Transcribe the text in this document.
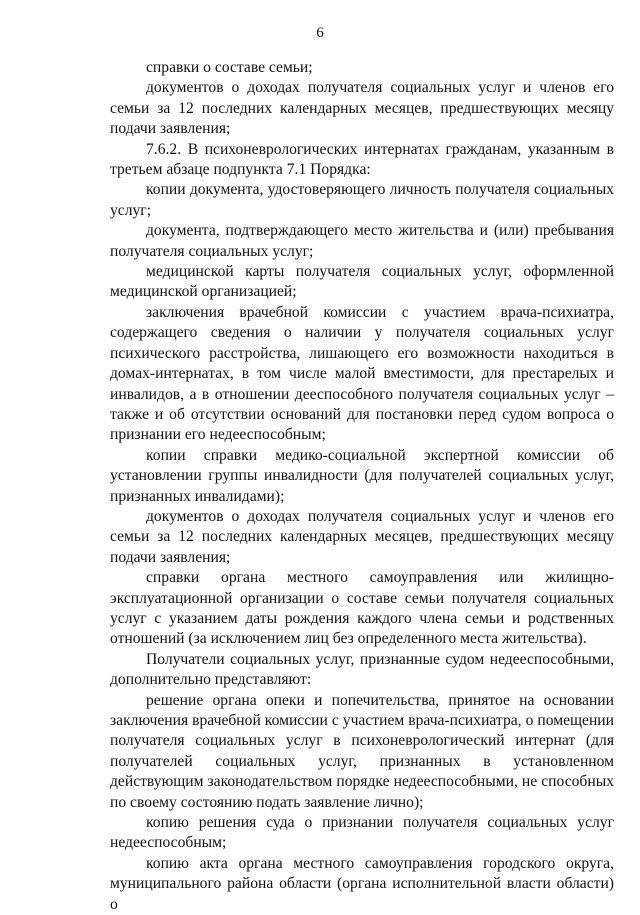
6

справки о составе семьи;

документов о доходах получателя социальных услуг и членов его семьи за 12 последних календарных месяцев, предшествующих месяцу подачи заявления;

7.6.2. В психоневрологических интернатах гражданам, указанным в третьем абзаце подпункта 7.1 Порядка:

копии документа, удостоверяющего личность получателя социальных услуг;

документа, подтверждающего место жительства и (или) пребывания получателя социальных услуг;

медицинской карты получателя социальных услуг, оформленной медицинской организацией;

заключения врачебной комиссии с участием врача-психиатра, содержащего сведения о наличии у получателя социальных услуг психического расстройства, лишающего его возможности находиться в домах-интернатах, в том числе малой вместимости, для престарелых и инвалидов, а в отношении дееспособного получателя социальных услуг – также и об отсутствии оснований для постановки перед судом вопроса о признании его недееспособным;

копии справки медико-социальной экспертной комиссии об установлении группы инвалидности (для получателей социальных услуг, признанных инвалидами);

документов о доходах получателя социальных услуг и членов его семьи за 12 последних календарных месяцев, предшествующих месяцу подачи заявления;

справки органа местного самоуправления или жилищно-эксплуатационной организации о составе семьи получателя социальных услуг с указанием даты рождения каждого члена семьи и родственных отношений (за исключением лиц без определенного места жительства).

Получатели социальных услуг, признанные судом недееспособными, дополнительно представляют:

решение органа опеки и попечительства, принятое на основании заключения врачебной комиссии с участием врача-психиатра, о помещении получателя социальных услуг в психоневрологический интернат (для получателей социальных услуг, признанных в установленном действующим законодательством порядке недееспособными, не способных по своему состоянию подать заявление лично);

копию решения суда о признании получателя социальных услуг недееспособным;

копию акта органа местного самоуправления городского округа, муниципального района области (органа исполнительной власти области) о
